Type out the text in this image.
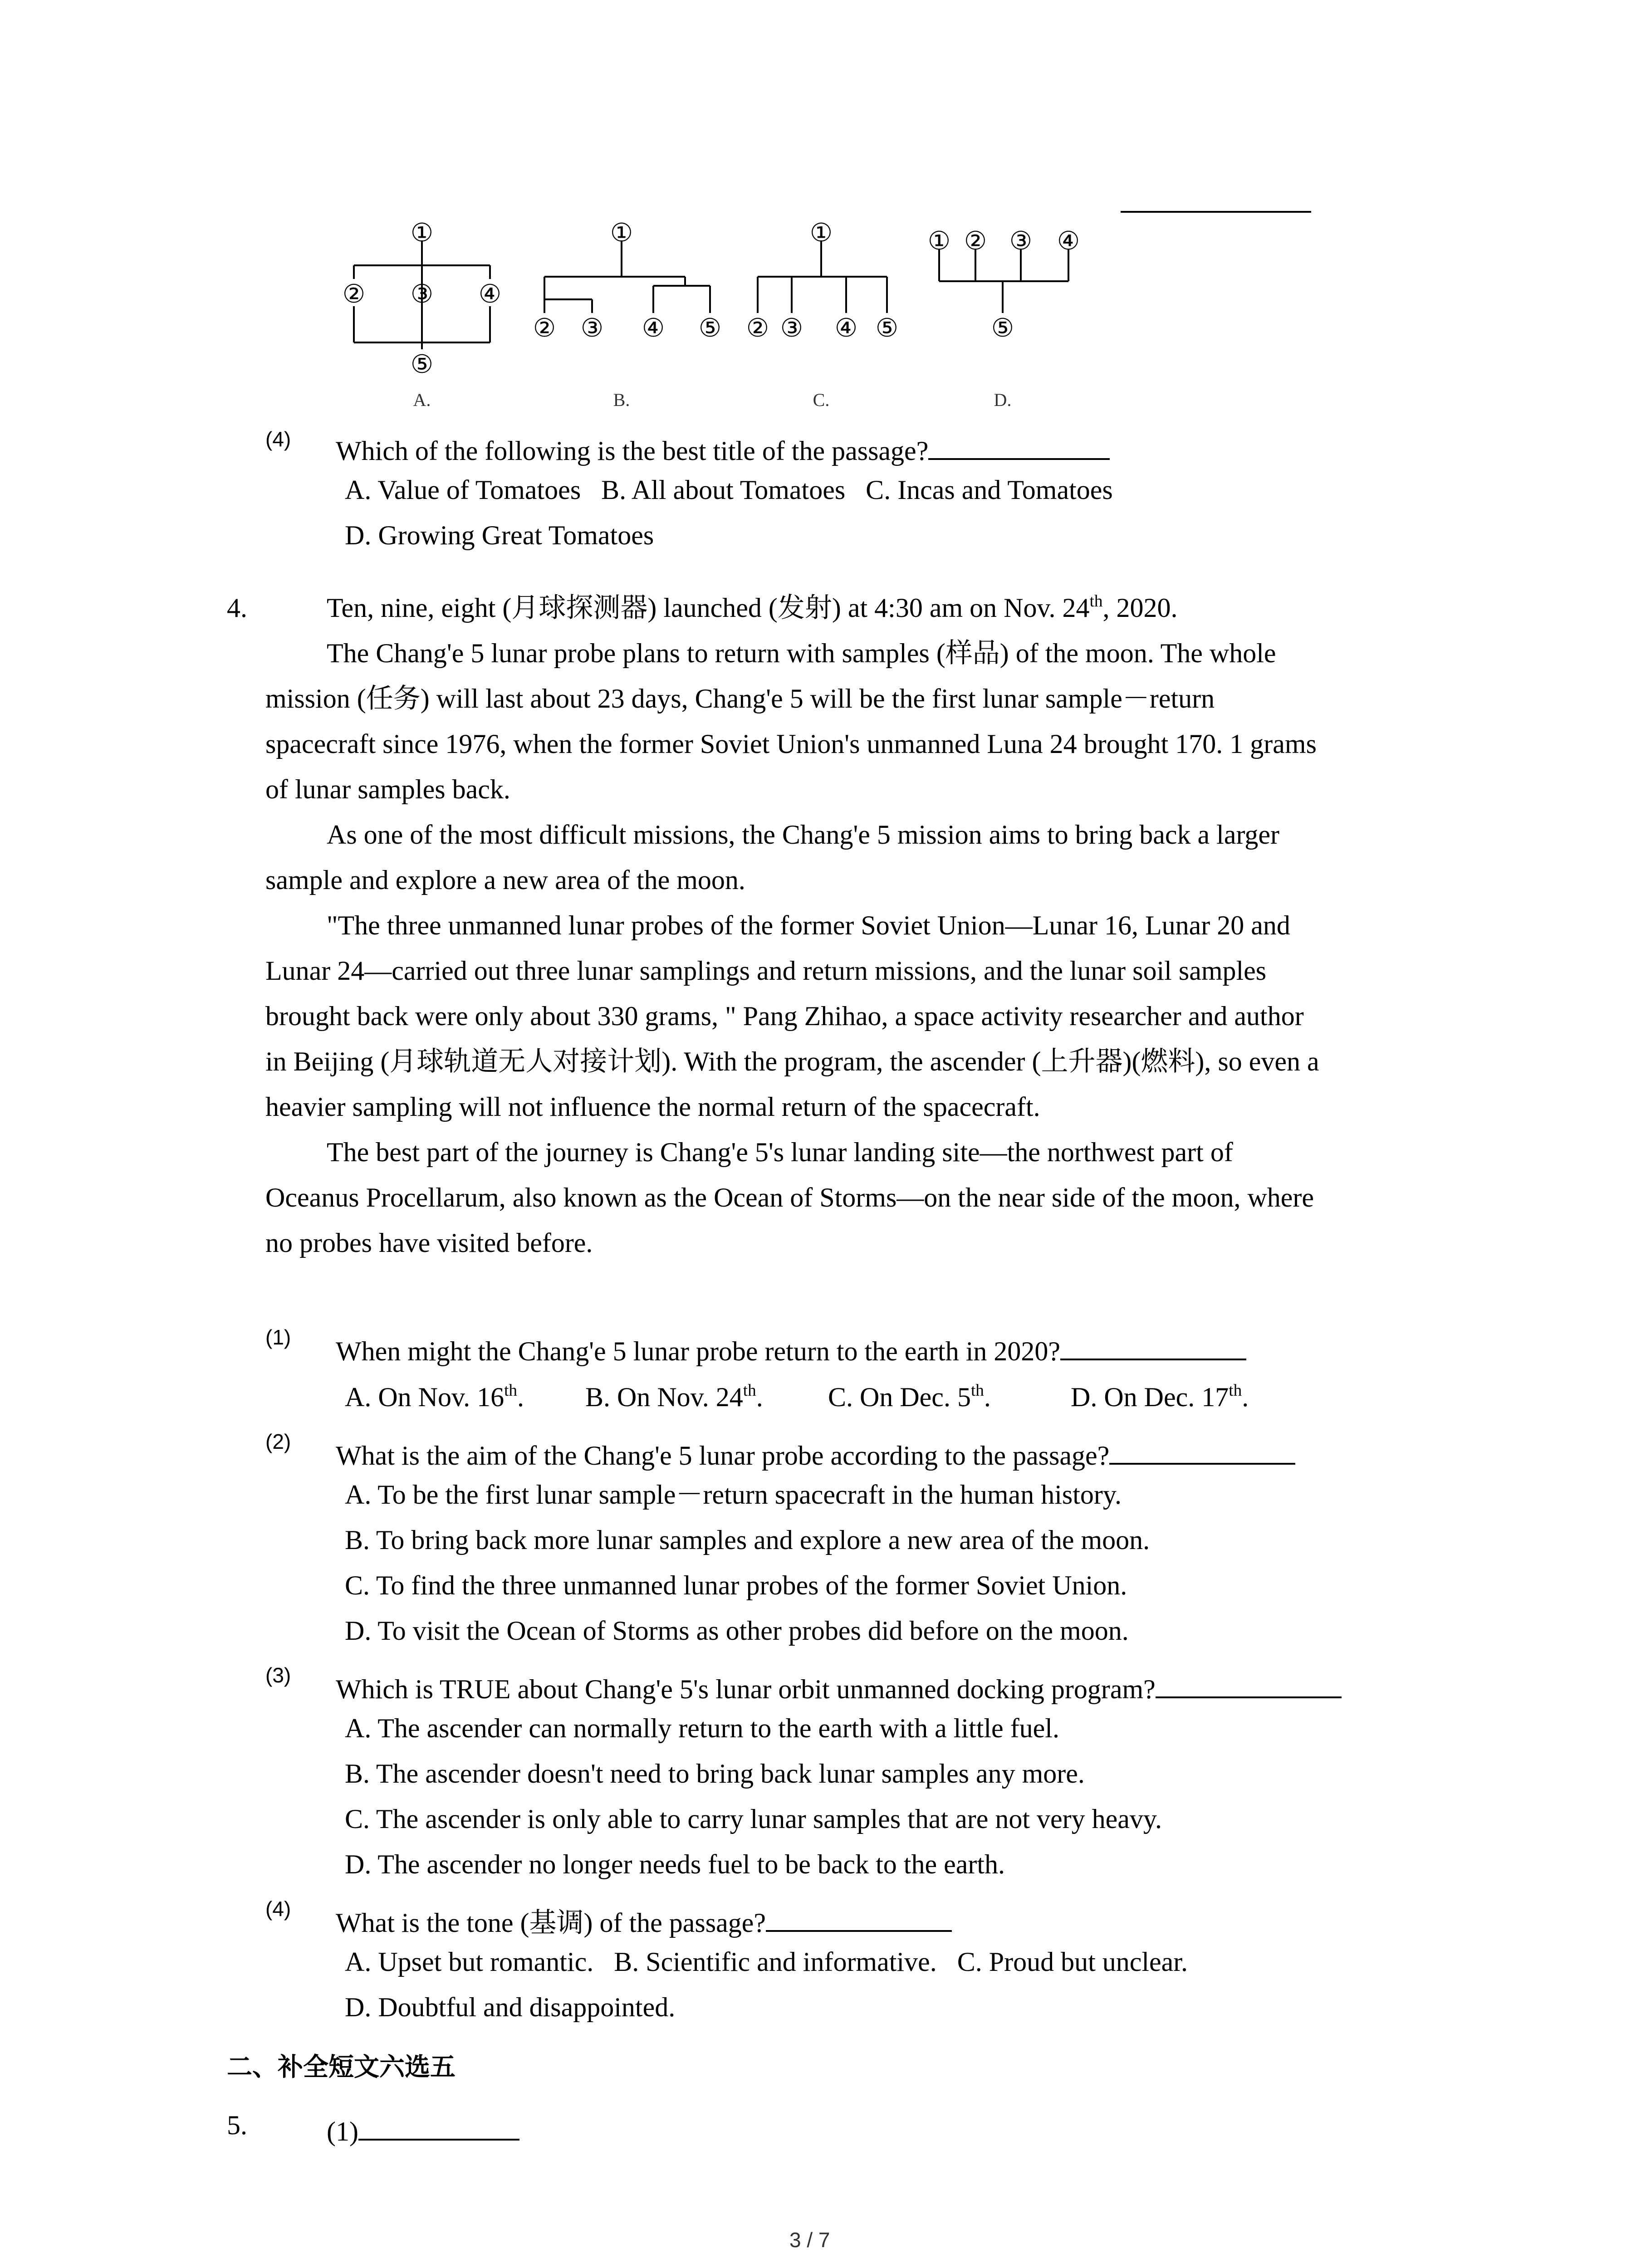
①
② ③ ④
⑤
①
② ③ ④ ⑤
①
② ③ ④ ⑤
① ② ③ ④
⑤
A.	B.	C.	D.
(4) Which of the following is the best title of the passage?
A. Value of Tomatoes   B. All about Tomatoes   C. Incas and Tomatoes
D. Growing Great Tomatoes
4.	Ten, nine, eight (月球探测器) launched (发射) at 4:30 am on Nov. 24th, 2020.
The Chang'e 5 lunar probe plans to return with samples (样品) of the moon. The whole
mission (任务) will last about 23 days, Chang'e 5 will be the first lunar sample－return
spacecraft since 1976, when the former Soviet Union's unmanned Luna 24 brought 170. 1 grams
of lunar samples back.
As one of the most difficult missions, the Chang'e 5 mission aims to bring back a larger
sample and explore a new area of the moon.
"The three unmanned lunar probes of the former Soviet Union—Lunar 16, Lunar 20 and
Lunar 24—carried out three lunar samplings and return missions, and the lunar soil samples
brought back were only about 330 grams, " Pang Zhihao, a space activity researcher and author
in Beijing (月球轨道无人对接计划). With the program, the ascender (上升器)(燃料), so even a
heavier sampling will not influence the normal return of the spacecraft.
The best part of the journey is Chang'e 5's lunar landing site—the northwest part of
Oceanus Procellarum, also known as the Ocean of Storms—on the near side of the moon, where
no probes have visited before.
(1) When might the Chang'e 5 lunar probe return to the earth in 2020?
A. On Nov. 16th. B. On Nov. 24th. C. On Dec. 5th.	D. On Dec. 17th.
(2) What is the aim of the Chang'e 5 lunar probe according to the passage?
A. To be the first lunar sample－return spacecraft in the human history.
B. To bring back more lunar samples and explore a new area of the moon.
C. To find the three unmanned lunar probes of the former Soviet Union.
D. To visit the Ocean of Storms as other probes did before on the moon.
(3) Which is TRUE about Chang'e 5's lunar orbit unmanned docking program?
A. The ascender can normally return to the earth with a little fuel.
B. The ascender doesn't need to bring back lunar samples any more.
C. The ascender is only able to carry lunar samples that are not very heavy.
D. The ascender no longer needs fuel to be back to the earth.
(4) What is the tone (基调) of the passage?
A. Upset but romantic.   B. Scientific and informative.   C. Proud but unclear.
D. Doubtful and disappointed.
二、补全短文六选五
5.	(1)
3 / 7
